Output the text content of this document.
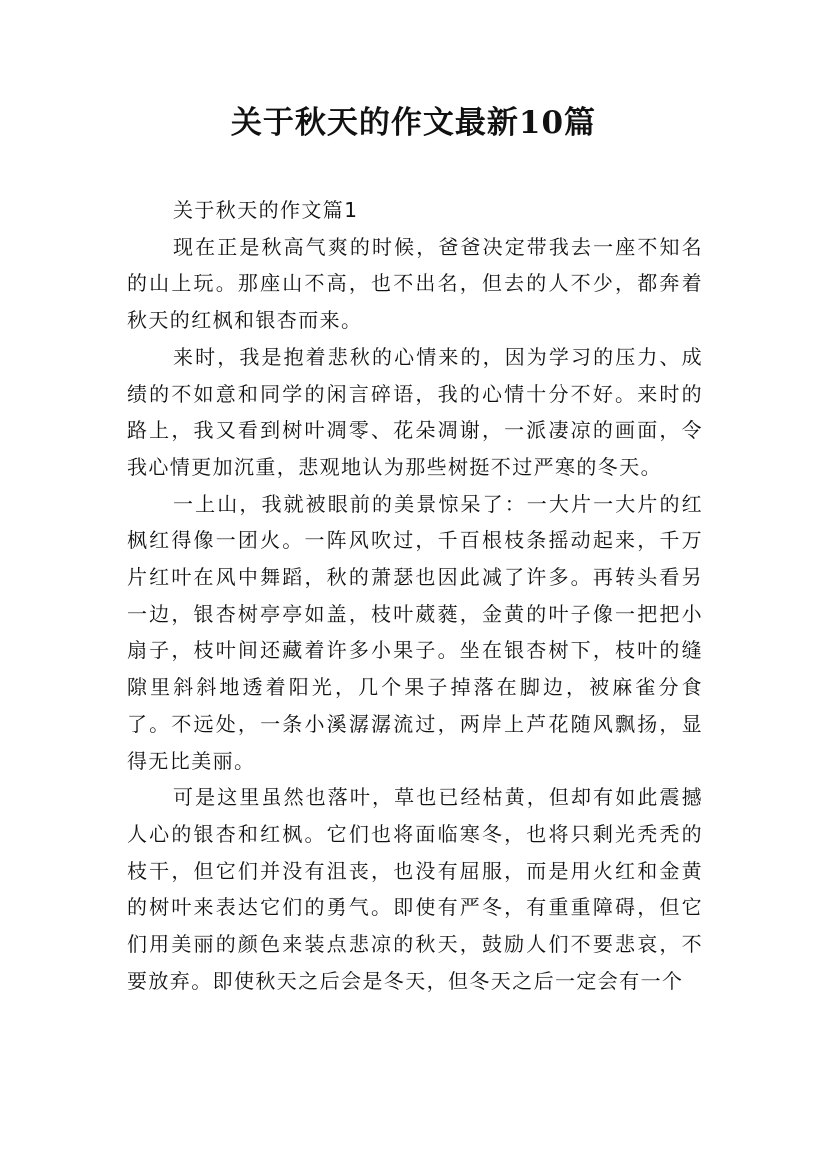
关于秋天的作文最新10篇

关于秋天的作文篇1

现在正是秋高气爽的时候，爸爸决定带我去一座不知名的山上玩。那座山不高，也不出名，但去的人不少，都奔着秋天的红枫和银杏而来。

来时，我是抱着悲秋的心情来的，因为学习的压力、成绩的不如意和同学的闲言碎语，我的心情十分不好。来时的路上，我又看到树叶凋零、花朵凋谢，一派凄凉的画面，令我心情更加沉重，悲观地认为那些树挺不过严寒的冬天。

一上山，我就被眼前的美景惊呆了：一大片一大片的红枫红得像一团火。一阵风吹过，千百根枝条摇动起来，千万片红叶在风中舞蹈，秋的萧瑟也因此减了许多。再转头看另一边，银杏树亭亭如盖，枝叶葳蕤，金黄的叶子像一把把小扇子，枝叶间还藏着许多小果子。坐在银杏树下，枝叶的缝隙里斜斜地透着阳光，几个果子掉落在脚边，被麻雀分食了。不远处，一条小溪潺潺流过，两岸上芦花随风飘扬，显得无比美丽。

可是这里虽然也落叶，草也已经枯黄，但却有如此震撼人心的银杏和红枫。它们也将面临寒冬，也将只剩光秃秃的枝干，但它们并没有沮丧，也没有屈服，而是用火红和金黄的树叶来表达它们的勇气。即使有严冬，有重重障碍，但它们用美丽的颜色来装点悲凉的秋天，鼓励人们不要悲哀，不要放弃。即使秋天之后会是冬天，但冬天之后一定会有一个
